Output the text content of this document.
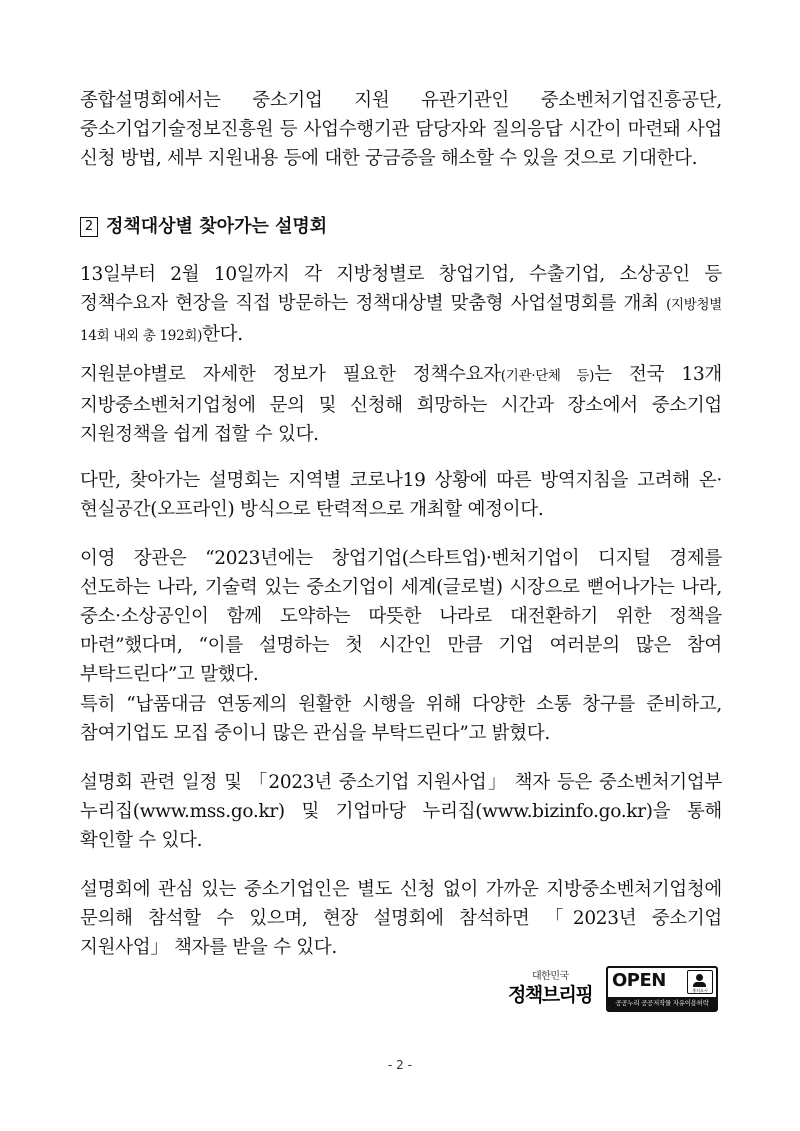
종합설명회에서는 중소기업 지원 유관기관인 중소벤처기업진흥공단, 중소기업기술정보진흥원 등 사업수행기관 담당자와 질의응답 시간이 마련돼 사업 신청 방법, 세부 지원내용 등에 대한 궁금증을 해소할 수 있을 것으로 기대한다.

2 정책대상별 찾아가는 설명회

13일부터 2월 10일까지 각 지방청별로 창업기업, 수출기업, 소상공인 등 정책수요자 현장을 직접 방문하는 정책대상별 맞춤형 사업설명회를 개최 (지방청별 14회 내외 총 192회)한다.

지원분야별로 자세한 정보가 필요한 정책수요자(기관·단체 등)는 전국 13개 지방중소벤처기업청에 문의 및 신청해 희망하는 시간과 장소에서 중소기업 지원정책을 쉽게 접할 수 있다.

다만, 찾아가는 설명회는 지역별 코로나19 상황에 따른 방역지침을 고려해 온·현실공간(오프라인) 방식으로 탄력적으로 개최할 예정이다.

이영 장관은 “2023년에는 창업기업(스타트업)·벤처기업이 디지털 경제를 선도하는 나라, 기술력 있는 중소기업이 세계(글로벌) 시장으로 뻗어나가는 나라, 중소·소상공인이 함께 도약하는 따뜻한 나라로 대전환하기 위한 정책을 마련”했다며, “이를 설명하는 첫 시간인 만큼 기업 여러분의 많은 참여 부탁드린다”고 말했다.

특히 “납품대금 연동제의 원활한 시행을 위해 다양한 소통 창구를 준비하고, 참여기업도 모집 중이니 많은 관심을 부탁드린다”고 밝혔다.

설명회 관련 일정 및 「2023년 중소기업 지원사업」 책자 등은 중소벤처기업부 누리집(www.mss.go.kr) 및 기업마당 누리집(www.bizinfo.go.kr)을 통해 확인할 수 있다.

설명회에 관심 있는 중소기업인은 별도 신청 없이 가까운 지방중소벤처기업청에 문의해 참석할 수 있으며, 현장 설명회에 참석하면 「2023년 중소기업 지원사업」 책자를 받을 수 있다.

대한민국
정책브리핑
OPEN	출처표시
공공누리 공공저작물 자유이용허락
- 2 -
